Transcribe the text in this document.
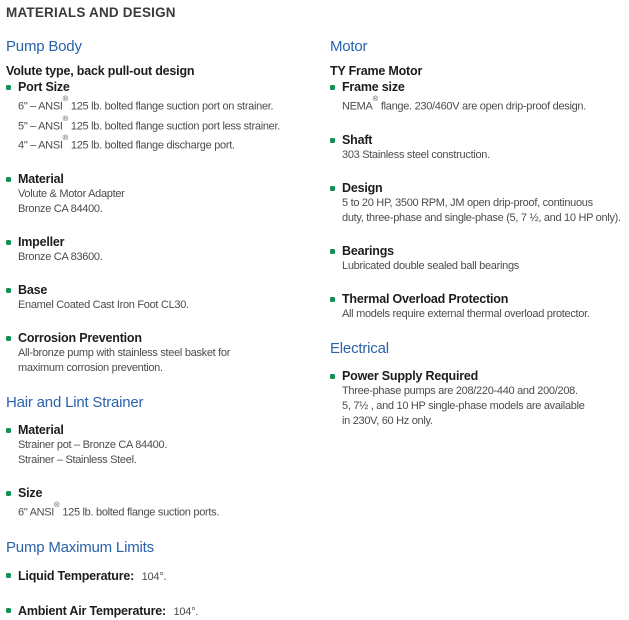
MATERIALS AND DESIGN
Pump Body
Volute type, back pull-out design
Port Size
6" – ANSI® 125 lb. bolted flange suction port on strainer.
5" – ANSI® 125 lb. bolted flange suction port less strainer.
4" – ANSI® 125 lb. bolted flange discharge port.
Material
Volute & Motor Adapter
Bronze CA 84400.
Impeller
Bronze CA 83600.
Base
Enamel Coated Cast Iron Foot CL30.
Corrosion Prevention
All-bronze pump with stainless steel basket for
maximum corrosion prevention.
Hair and Lint Strainer
Material
Strainer pot – Bronze CA 84400.
Strainer – Stainless Steel.
Size
6" ANSI® 125 lb. bolted flange suction ports.
Pump Maximum Limits
Liquid Temperature: 104°.
Ambient Air Temperature: 104°.
Motor
TY Frame Motor
Frame size
NEMA® flange. 230/460V are open drip-proof design.
Shaft
303 Stainless steel construction.
Design
5 to 20 HP, 3500 RPM, JM open drip-proof, continuous
duty, three-phase and single-phase (5, 7 ½, and 10 HP only).
Bearings
Lubricated double sealed ball bearings
Thermal Overload Protection
All models require external thermal overload protector.
Electrical
Power Supply Required
Three-phase pumps are 208/220-440 and 200/208.
5, 7½ , and 10 HP single-phase models are available
in 230V, 60 Hz only.
